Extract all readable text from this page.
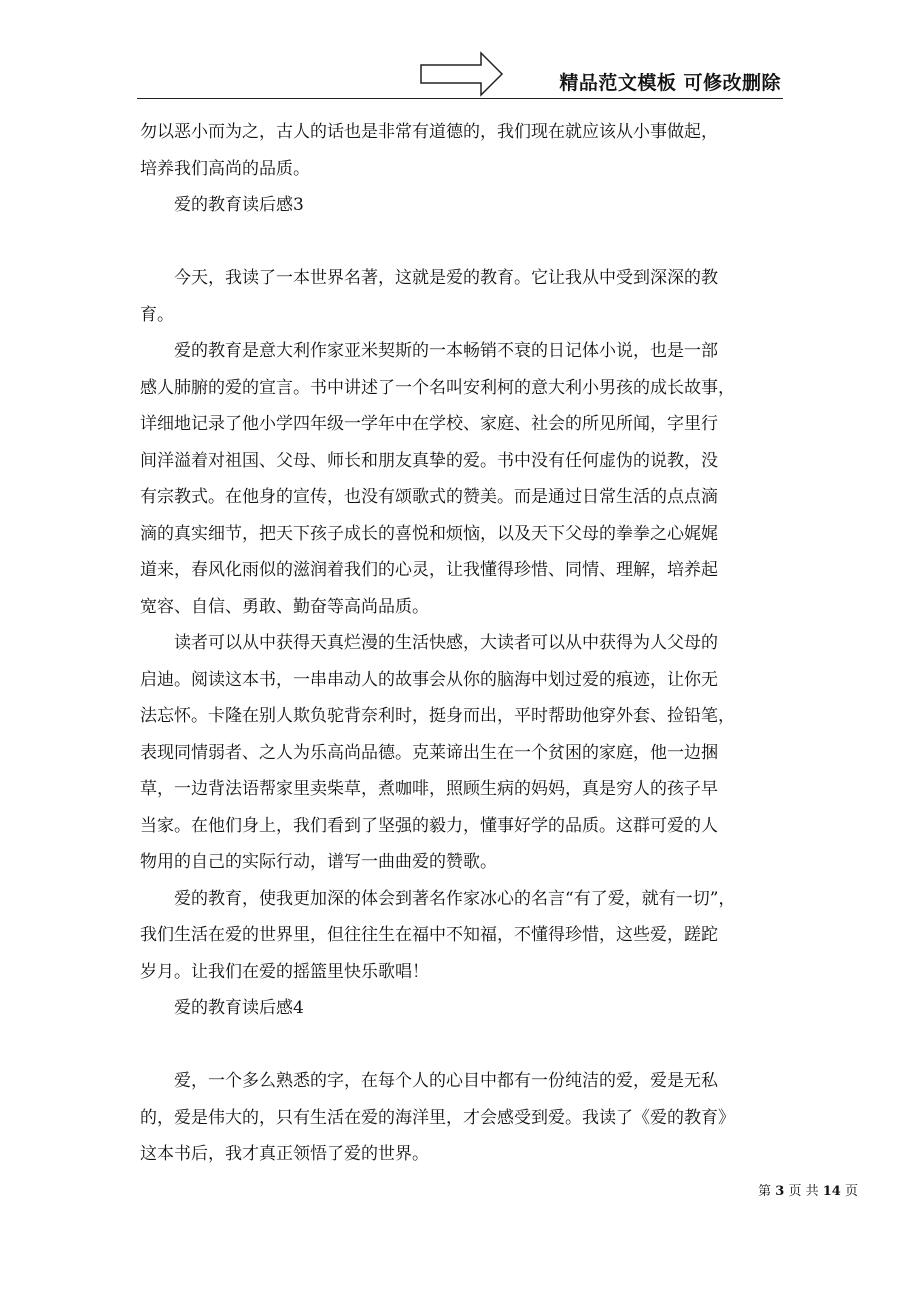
精品范文模板 可修改删除
勿以恶小而为之，古人的话也是非常有道德的，我们现在就应该从小事做起，
培养我们高尚的品质。
爱的教育读后感3
今天，我读了一本世界名著，这就是爱的教育。它让我从中受到深深的教
育。
爱的教育是意大利作家亚米契斯的一本畅销不衰的日记体小说，也是一部
感人肺腑的爱的宣言。书中讲述了一个名叫安利柯的意大利小男孩的成长故事，
详细地记录了他小学四年级一学年中在学校、家庭、社会的所见所闻，字里行
间洋溢着对祖国、父母、师长和朋友真挚的爱。书中没有任何虚伪的说教，没
有宗教式。在他身的宣传，也没有颂歌式的赞美。而是通过日常生活的点点滴
滴的真实细节，把天下孩子成长的喜悦和烦恼，以及天下父母的拳拳之心娓娓
道来，春风化雨似的滋润着我们的心灵，让我懂得珍惜、同情、理解，培养起
宽容、自信、勇敢、勤奋等高尚品质。
读者可以从中获得天真烂漫的生活快感，大读者可以从中获得为人父母的
启迪。阅读这本书，一串串动人的故事会从你的脑海中划过爱的痕迹，让你无
法忘怀。卡隆在别人欺负驼背奈利时，挺身而出，平时帮助他穿外套、捡铅笔，
表现同情弱者、之人为乐高尚品德。克莱谛出生在一个贫困的家庭，他一边捆
草，一边背法语帮家里卖柴草，煮咖啡，照顾生病的妈妈，真是穷人的孩子早
当家。在他们身上，我们看到了坚强的毅力，懂事好学的品质。这群可爱的人
物用的自己的实际行动，谱写一曲曲爱的赞歌。
爱的教育，使我更加深的体会到著名作家冰心的名言“有了爱，就有一切”，
我们生活在爱的世界里，但往往生在福中不知福，不懂得珍惜，这些爱，蹉跎
岁月。让我们在爱的摇篮里快乐歌唱！
爱的教育读后感4
爱，一个多么熟悉的字，在每个人的心目中都有一份纯洁的爱，爱是无私
的，爱是伟大的，只有生活在爱的海洋里，才会感受到爱。我读了《爱的教育》
这本书后，我才真正领悟了爱的世界。
第 3 页 共 14 页
